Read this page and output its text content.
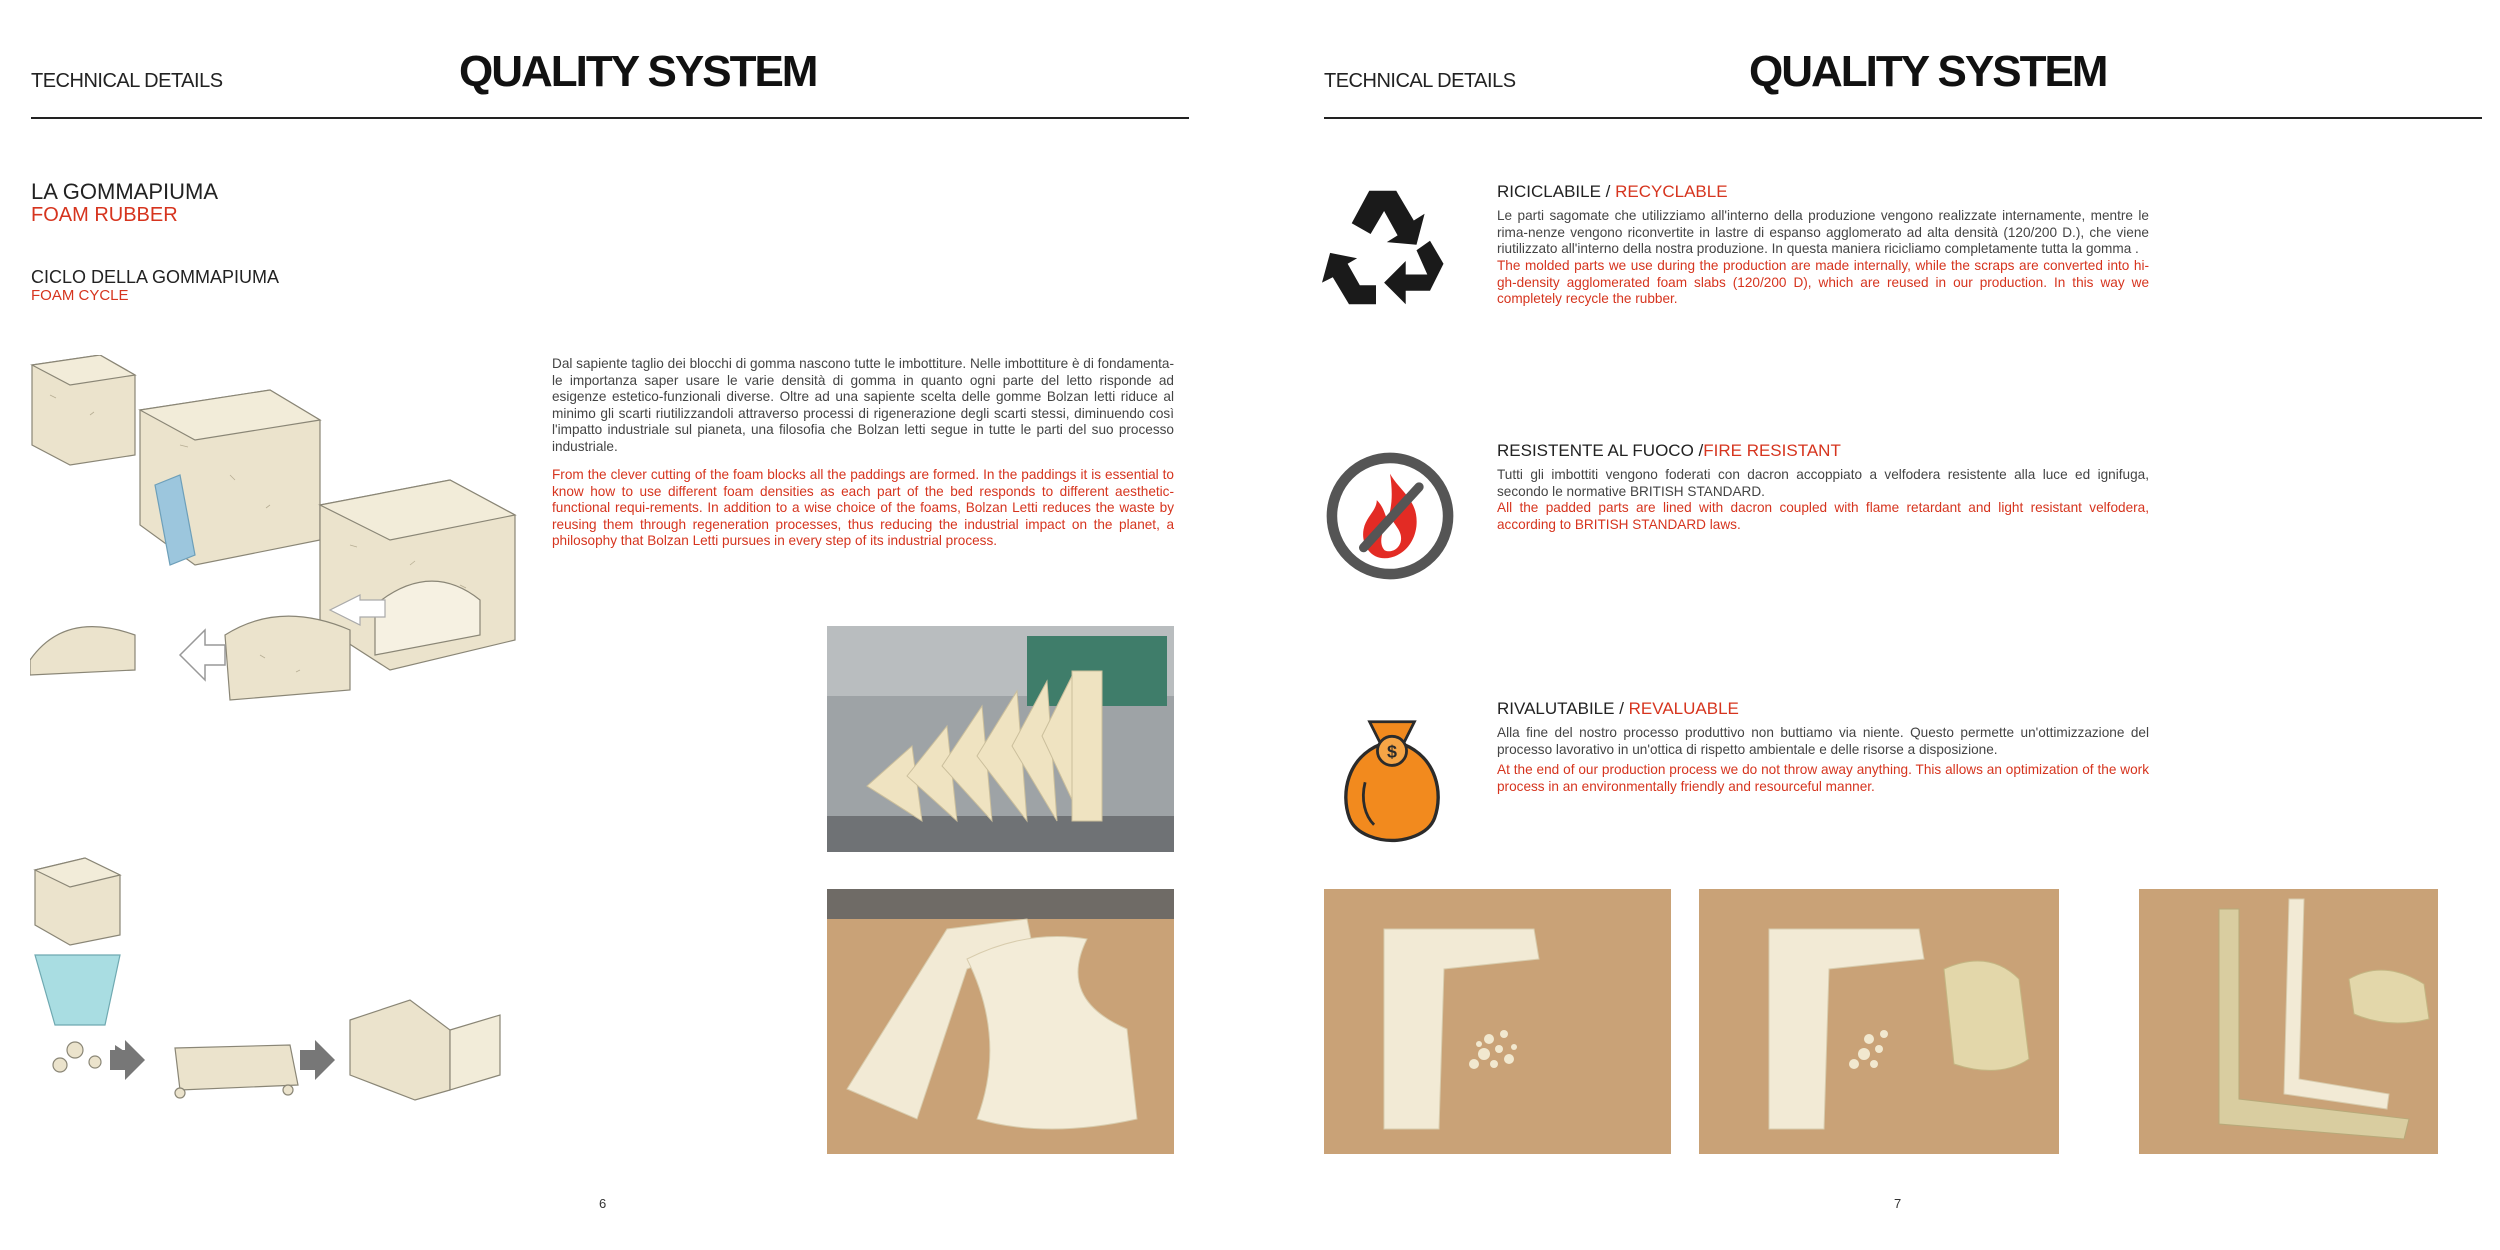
TECHNICAL DETAILS	QUALITY SYSTEM
LA GOMMAPIUMA
FOAM RUBBER
CICLO DELLA GOMMAPIUMA
FOAM CYCLE
Dal sapiente taglio dei blocchi di gomma nascono tutte le imbottiture. Nelle imbottiture è di fondamenta-le importanza saper usare le varie densità di gomma in quanto ogni parte del letto risponde ad esigenze estetico-funzionali diverse. Oltre ad una sapiente scelta delle gomme Bolzan letti riduce al minimo gli scarti riutilizzandoli attraverso processi di rigenerazione degli scarti stessi, diminuendo così l'impatto industriale sul pianeta, una filosofia che Bolzan letti segue in tutte le parti del suo processo industriale.
From the clever cutting of the foam blocks all the paddings are formed. In the paddings it is essential to know how to use different foam densities as each part of the bed responds to different aesthetic-functional requi-rements. In addition to a wise choice of the foams, Bolzan Letti reduces the waste by reusing them through regeneration processes, thus reducing the industrial impact on the planet, a philosophy that Bolzan Letti pursues in every step of its industrial process.
6
TECHNICAL DETAILS	QUALITY SYSTEM
RICICLABILE / RECYCLABLE
Le parti sagomate che utilizziamo all'interno della produzione vengono realizzate internamente, mentre le rima-nenze vengono riconvertite in lastre di espanso agglomerato ad alta densità (120/200 D.), che viene riutilizzato all'interno della nostra produzione. In questa maniera ricicliamo completamente tutta la gomma .
The molded parts we use during the production are made internally, while the scraps are converted into hi-gh-density agglomerated foam slabs (120/200 D), which are reused in our production. In this way we completely recycle the rubber.
RESISTENTE AL FUOCO /FIRE RESISTANT
Tutti gli imbottiti vengono foderati con dacron accoppiato a velfodera resistente alla luce ed ignifuga, secondo le normative BRITISH STANDARD.
All the padded parts are lined with dacron coupled with flame retardant and light resistant velfodera, according to BRITISH STANDARD laws.
$
RIVALUTABILE / REVALUABLE
Alla fine del nostro processo produttivo non buttiamo via niente. Questo permette un'ottimizzazione del processo lavorativo in un'ottica di rispetto ambientale e delle risorse a disposizione.
At the end of our production process we do not throw away anything. This allows an optimization of the work process in an environmentally friendly and resourceful manner.
7
